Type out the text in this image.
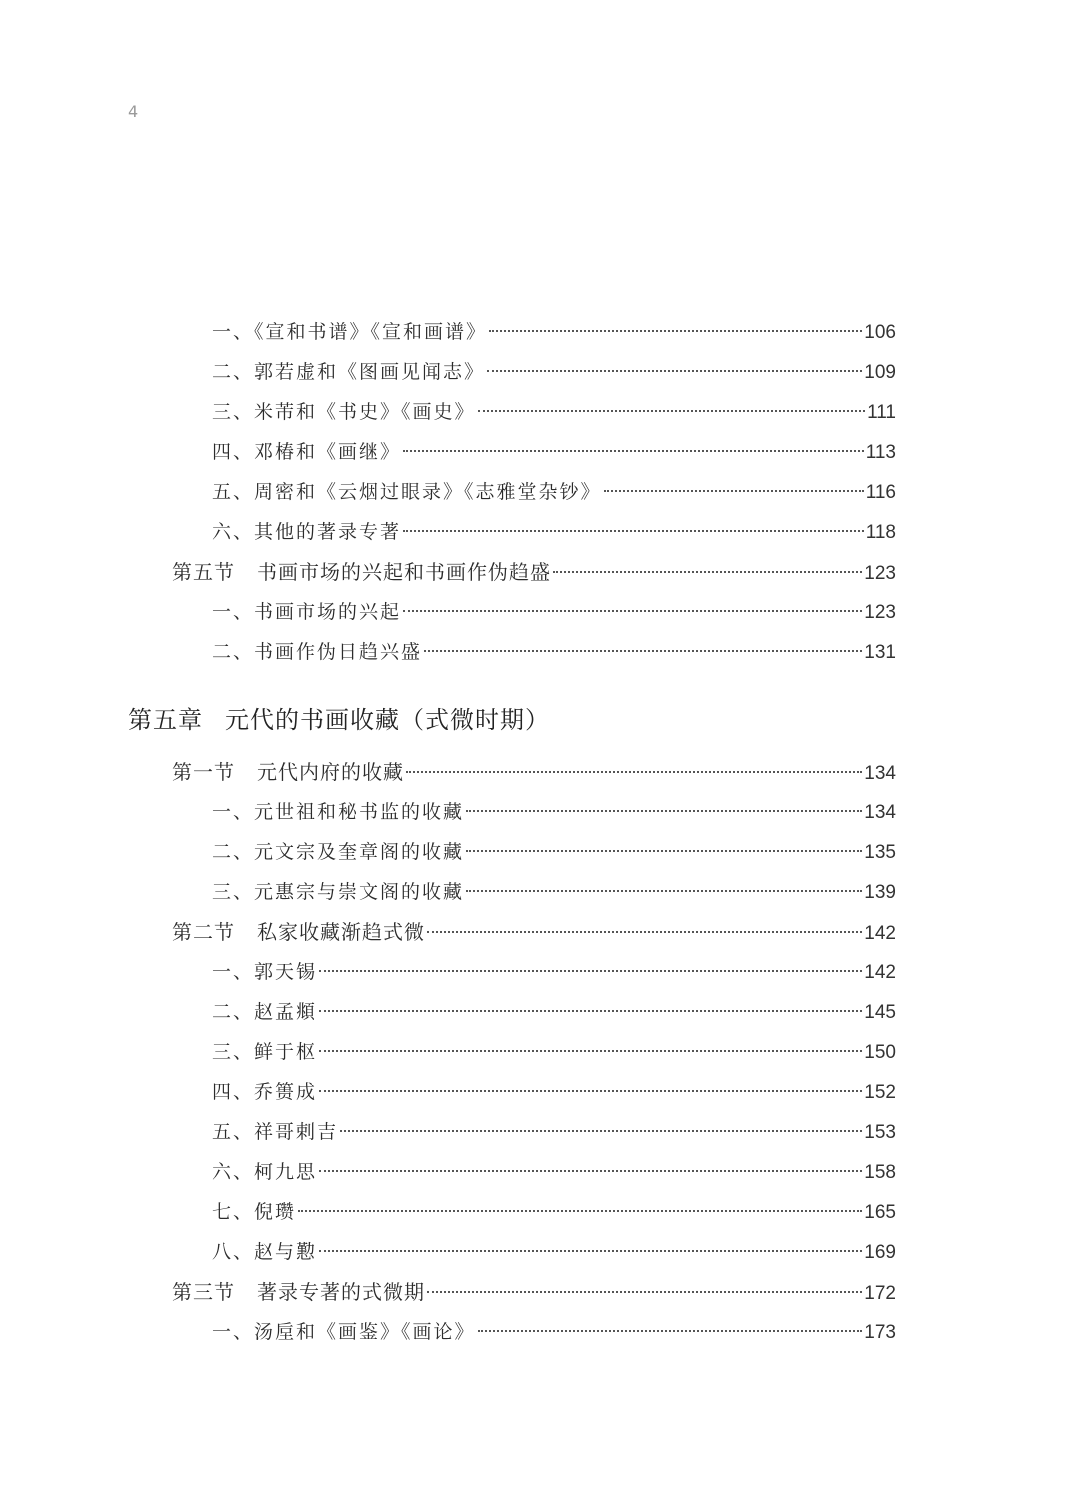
4
一、《宣和书谱》《宣和画谱》	106
二、郭若虚和《图画见闻志》	109
三、米芾和《书史》《画史》	111
四、邓椿和《画继》	113
五、周密和《云烟过眼录》《志雅堂杂钞》	116
六、其他的著录专著	118
第五节 书画市场的兴起和书画作伪趋盛	123
一、书画市场的兴起	123
二、书画作伪日趋兴盛	131
第五章 元代的书画收藏（式微时期）
第一节 元代内府的收藏	134
一、元世祖和秘书监的收藏	134
二、元文宗及奎章阁的收藏	135
三、元惠宗与崇文阁的收藏	139
第二节 私家收藏渐趋式微	142
一、郭天锡	142
二、赵孟頫	145
三、鲜于枢	150
四、乔篑成	152
五、祥哥剌吉	153
六、柯九思	158
七、倪瓒	165
八、赵与懃	169
第三节 著录专著的式微期	172
一、汤垕和《画鉴》《画论》	173
